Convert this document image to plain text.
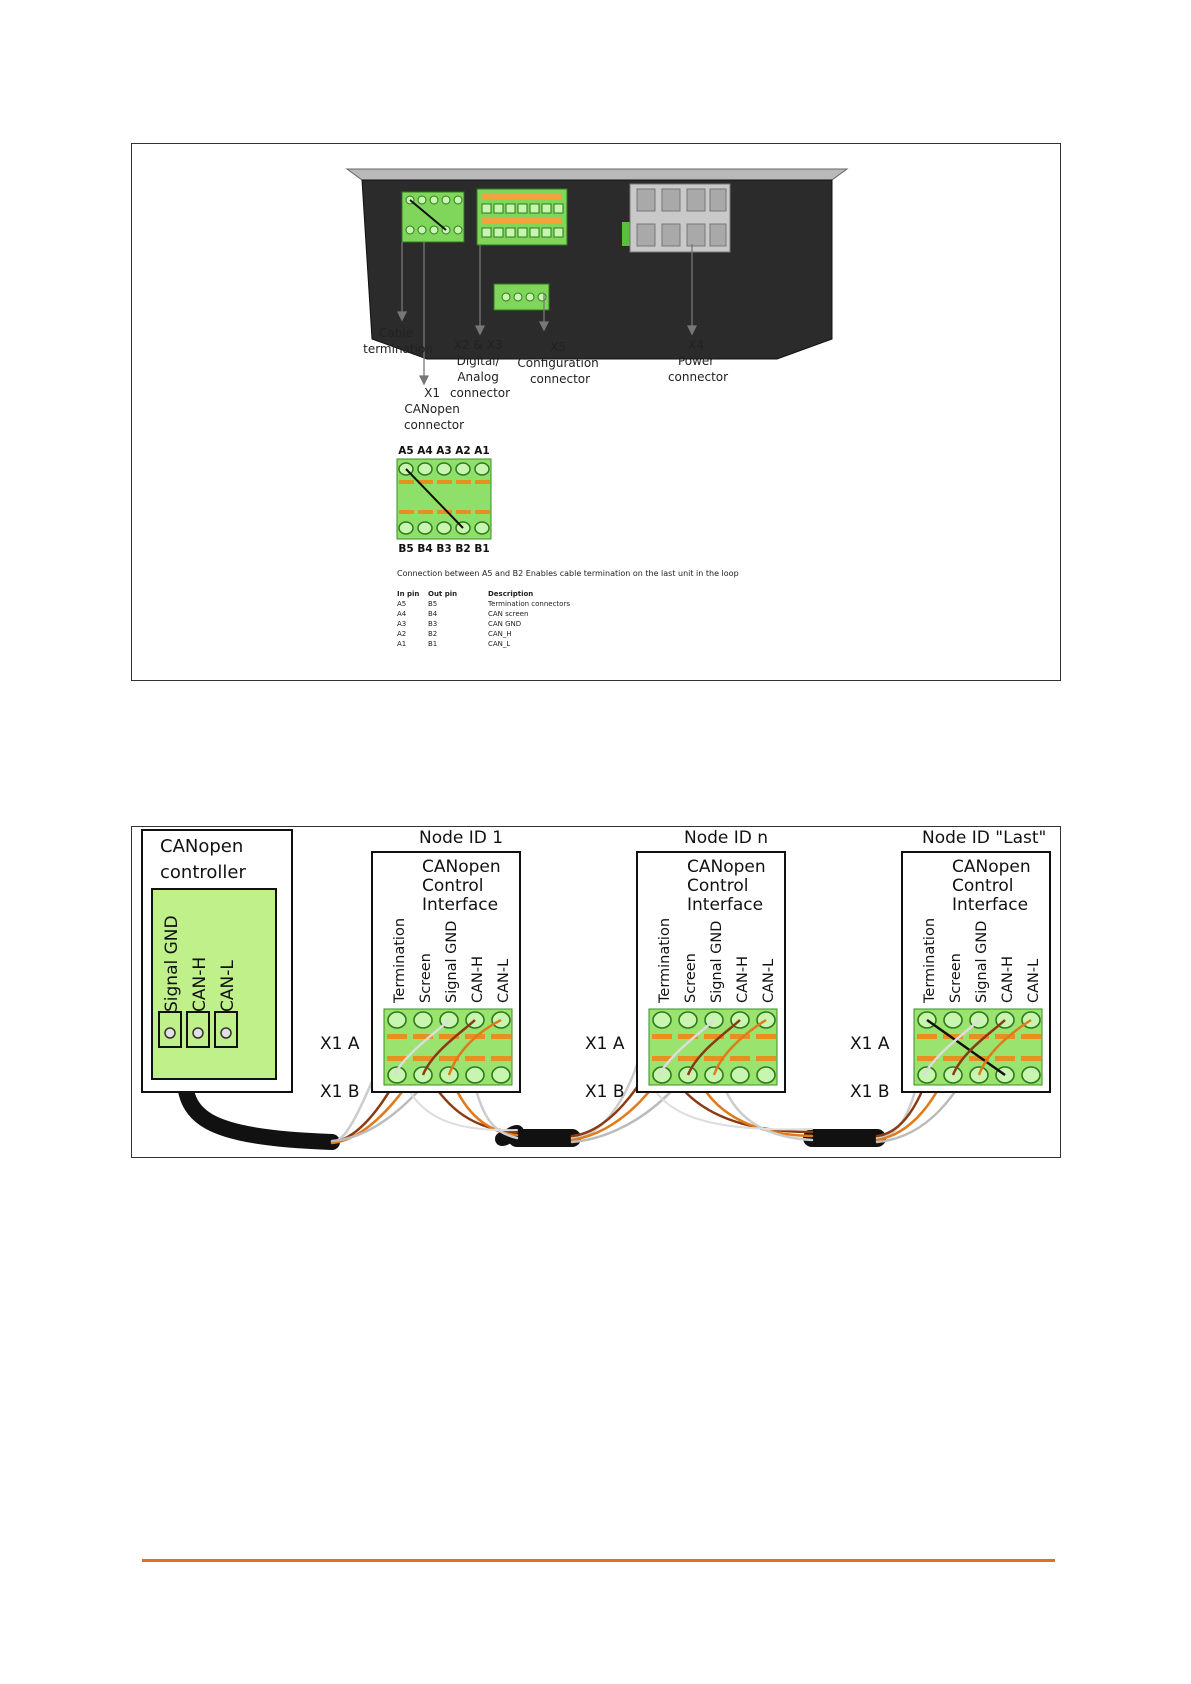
Cable termination
X1 CANopen connector
X2 & X3 Digital/ Analog connector
X5 Configuration connector
X4 Power connector
A5 A4 A3 A2 A1
B5 B4 B3 B2 B1
Connection between A5 and B2 Enables cable termination on the last unit in the loop
In pin Out pin	Description
A5	B5	Termination connectors
A4	B4	CAN screen
A3	B3	CAN GND
A2	B2	CAN_H
A1	B1	CAN_L
CANopen
controller
Signal GND CAN-H CAN-L
X1 A
X1 B
X1 A
X1 B
X1 A
X1 B
Node ID 1
CANopen Control Interface
Termination Screen Signal GND CAN-H CAN-L
Node ID n
CANopen Control Interface
Termination Screen Signal GND CAN-H CAN-L
Node ID "Last"
CANopen Control Interface
Termination Screen Signal GND CAN-H CAN-L
